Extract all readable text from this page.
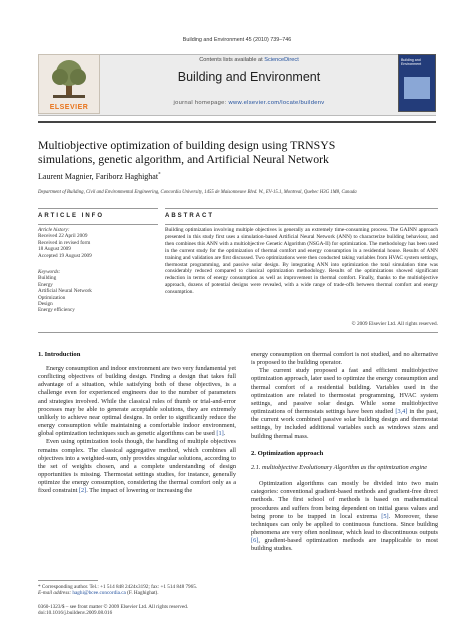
Building and Environment 45 (2010) 739–746
ELSEVIER
Contents lists available at ScienceDirect
Building and Environment
journal homepage: www.elsevier.com/locate/buildenv
Building and Environment
Multiobjective optimization of building design using TRNSYS
simulations, genetic algorithm, and Artificial Neural Network
Laurent Magnier, Fariborz Haghighat*
Department of Building, Civil and Environmental Engineering, Concordia University, 1455 de Maisonneuve Blvd. W., EV-15.1, Montreal, Quebec H3G 1M8, Canada
ARTICLE INFO
Article history:
Received 22 April 2009
Received in revised form
18 August 2009
Accepted 19 August 2009
Keywords:
Building
Energy
Artificial Neural Network
Optimization
Design
Energy efficiency
ABSTRACT
Building optimization involving multiple objectives is generally an extremely time-consuming process. The GAINN approach presented in this study first uses a simulation-based Artificial Neural Network (ANN) to characterize building behaviour, and then combines this ANN with a multiobjective Genetic Algorithm (NSGA-II) for optimization. The methodology has been used in the current study for the optimization of thermal comfort and energy consumption in a residential house. Results of ANN training and validation are first discussed. Two optimizations were then conducted taking variables from HVAC system settings, thermostat programming, and passive solar design. By integrating ANN into optimization the total simulation time was considerably reduced compared to classical optimization methodology. Results of the optimizations showed significant reduction in terms of energy consumption as well as improvement in thermal comfort. Finally, thanks to the multiobjective approach, dozens of potential designs were revealed, with a wide range of trade-offs between thermal comfort and energy consumption.
© 2009 Elsevier Ltd. All rights reserved.
1. Introduction

Energy consumption and indoor environment are two very fundamental yet conflicting objectives of building design. Finding a design that takes full advantage of a situation, while satisfying both of these objectives, is a challenge even for experienced engineers due to the number of parameters and strategies involved. While the classical rules of thumb or trial-and-error processes may be able to generate acceptable solutions, they are extremely unlikely to achieve near optimal designs. In order to significantly reduce the energy consumption while maintaining a comfortable indoor environment, global optimization techniques such as genetic algorithms can be used [1].

Even using optimization tools though, the handling of multiple objectives remains complex. The classical aggregative method, which combines all objectives into a weighted-sum, only provides singular solutions, according to the set of weights chosen, and a complete understanding of design opportunities is missing. Thermostat settings studies, for instance, generally optimize the energy consumption, considering the thermal comfort only as a fixed constraint [2]. The impact of lowering or increasing the

* Corresponding author. Tel.: +1 514 848 2424x3192; fax: +1 514 848 7965.
E-mail address: haghi@bcee.concordia.ca (F. Haghighat).
0360-1323/$ – see front matter © 2009 Elsevier Ltd. All rights reserved.
doi:10.1016/j.buildenv.2009.08.016

energy consumption on thermal comfort is not studied, and no alternative is proposed to the building operator.

The current study proposed a fast and efficient multiobjective optimization approach, later used to optimize the energy consumption and thermal comfort of a residential building. Variables used in the optimization are related to thermostat programming, HVAC system settings, and passive solar design. While some multiobjective optimizations of thermostats settings have been studied [3,4] in the past, the current work combined passive solar building design and thermostat settings, by included additional variables such as windows sizes and building thermal mass.

2. Optimization approach
2.1. multiobjective Evolutionary Algorithm as the optimization engine

Optimization algorithms can mostly be divided into two main categories: conventional gradient-based methods and gradient-free direct methods. The first school of methods is based on mathematical procedures and suffers from being dependent on initial guess values and being prone to be trapped in local extrema [5]. Moreover, these techniques can only be applied to continuous functions. Since building phenomena are very often nonlinear, which lead to discontinuous outputs [6], gradient-based optimization methods are inapplicable to most building studies.
